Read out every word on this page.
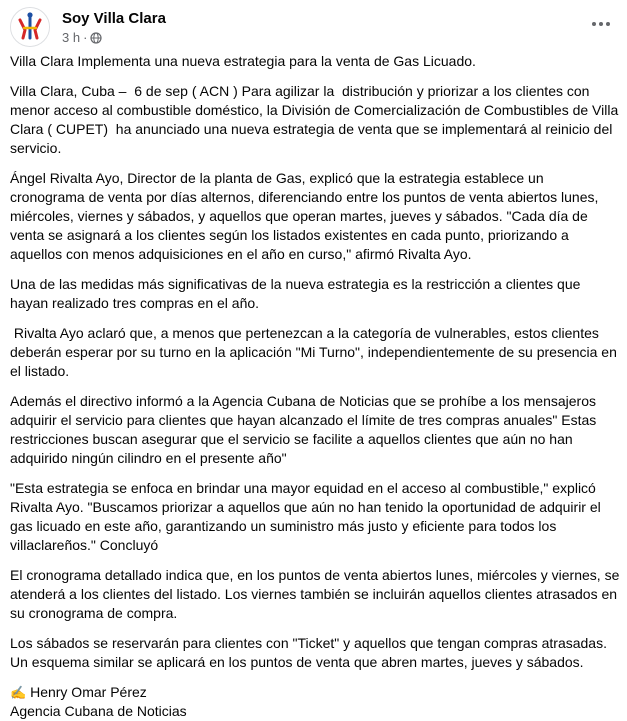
Soy Villa Clara
3 h ·

Villa Clara Implementa una nueva estrategia para la venta de Gas Licuado.

Villa Clara, Cuba –  6 de sep ( ACN ) Para agilizar la  distribución y priorizar a los clientes con menor acceso al combustible doméstico, la División de Comercialización de Combustibles de Villa Clara ( CUPET)  ha anunciado una nueva estrategia de venta que se implementará al reinicio del servicio.

Ángel Rivalta Ayo, Director de la planta de Gas, explicó que la estrategia establece un cronograma de venta por días alternos, diferenciando entre los puntos de venta abiertos lunes, miércoles, viernes y sábados, y aquellos que operan martes, jueves y sábados. "Cada día de venta se asignará a los clientes según los listados existentes en cada punto, priorizando a aquellos con menos adquisiciones en el año en curso," afirmó Rivalta Ayo.

Una de las medidas más significativas de la nueva estrategia es la restricción a clientes que hayan realizado tres compras en el año.

Rivalta Ayo aclaró que, a menos que pertenezcan a la categoría de vulnerables, estos clientes deberán esperar por su turno en la aplicación "Mi Turno", independientemente de su presencia en el listado.

Además el directivo informó a la Agencia Cubana de Noticias que se prohíbe a los mensajeros adquirir el servicio para clientes que hayan alcanzado el límite de tres compras anuales" Estas restricciones buscan asegurar que el servicio se facilite a aquellos clientes que aún no han adquirido ningún cilindro en el presente año"

"Esta estrategia se enfoca en brindar una mayor equidad en el acceso al combustible," explicó Rivalta Ayo. "Buscamos priorizar a aquellos que aún no han tenido la oportunidad de adquirir el gas licuado en este año, garantizando un suministro más justo y eficiente para todos los villaclareños." Concluyó

El cronograma detallado indica que, en los puntos de venta abiertos lunes, miércoles y viernes, se atenderá a los clientes del listado. Los viernes también se incluirán aquellos clientes atrasados en su cronograma de compra.

Los sábados se reservarán para clientes con "Ticket" y aquellos que tengan compras atrasadas. Un esquema similar se aplicará en los puntos de venta que abren martes, jueves y sábados.

✍️ Henry Omar Pérez

Agencia Cubana de Noticias
